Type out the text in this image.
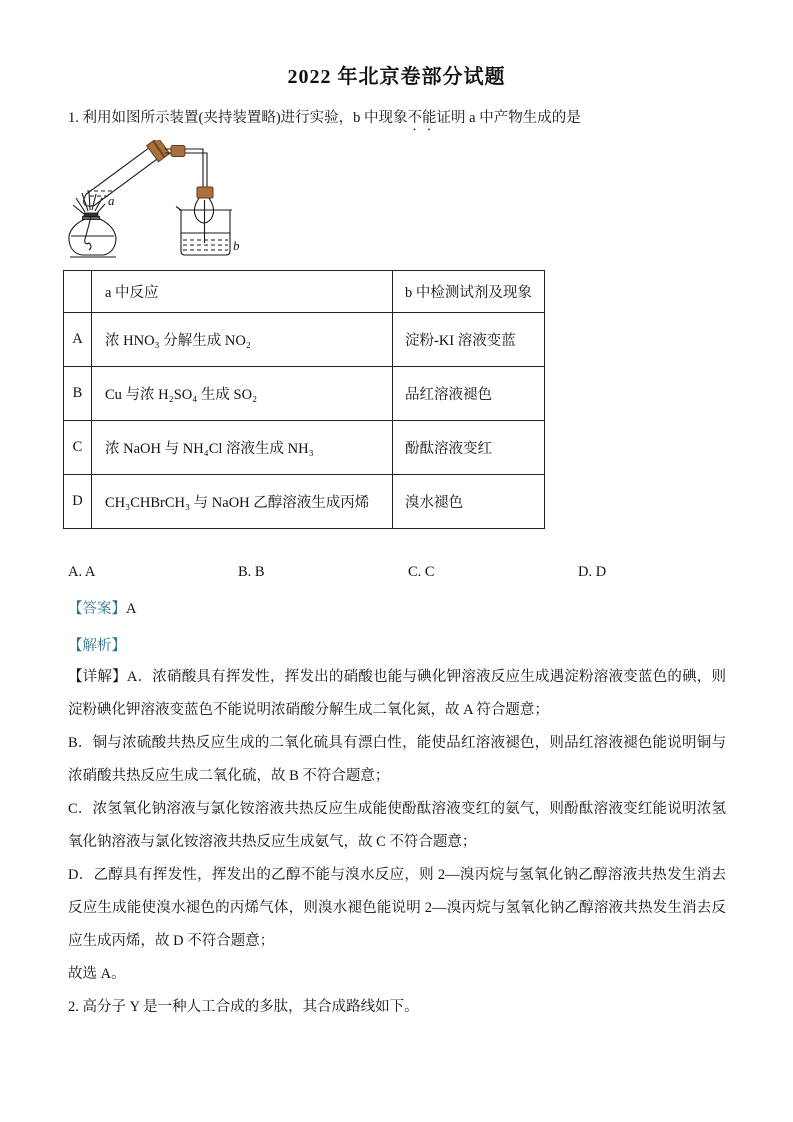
2022 年北京卷部分试题
1. 利用如图所示装置(夹持装置略)进行实验，b 中现象不能证明 a 中产物生成的是
a
b
	a 中反应	b 中检测试剂及现象
A	浓 HNO₃ 分解生成 NO₂	淀粉-KI 溶液变蓝
B	Cu 与浓 H₂SO₄ 生成 SO₂	品红溶液褪色
C	浓 NaOH 与 NH₄Cl 溶液生成 NH₃	酚酞溶液变红
D	CH₃CHBrCH₃ 与 NaOH 乙醇溶液生成丙烯	溴水褪色
A. A	B. B	C. C	D. D
【答案】A
【解析】

【详解】A．浓硝酸具有挥发性，挥发出的硝酸也能与碘化钾溶液反应生成遇淀粉溶液变蓝色的碘，则淀粉碘化钾溶液变蓝色不能说明浓硝酸分解生成二氧化氮，故 A 符合题意；

B．铜与浓硫酸共热反应生成的二氧化硫具有漂白性，能使品红溶液褪色，则品红溶液褪色能说明铜与浓硝酸共热反应生成二氧化硫，故 B 不符合题意；

C．浓氢氧化钠溶液与氯化铵溶液共热反应生成能使酚酞溶液变红的氨气，则酚酞溶液变红能说明浓氢氧化钠溶液与氯化铵溶液共热反应生成氨气，故 C 不符合题意；

D．乙醇具有挥发性，挥发出的乙醇不能与溴水反应，则 2—溴丙烷与氢氧化钠乙醇溶液共热发生消去反应生成能使溴水褪色的丙烯气体，则溴水褪色能说明 2—溴丙烷与氢氧化钠乙醇溶液共热发生消去反应生成丙烯，故 D 不符合题意；

故选 A。
2. 高分子 Y 是一种人工合成的多肽，其合成路线如下。
